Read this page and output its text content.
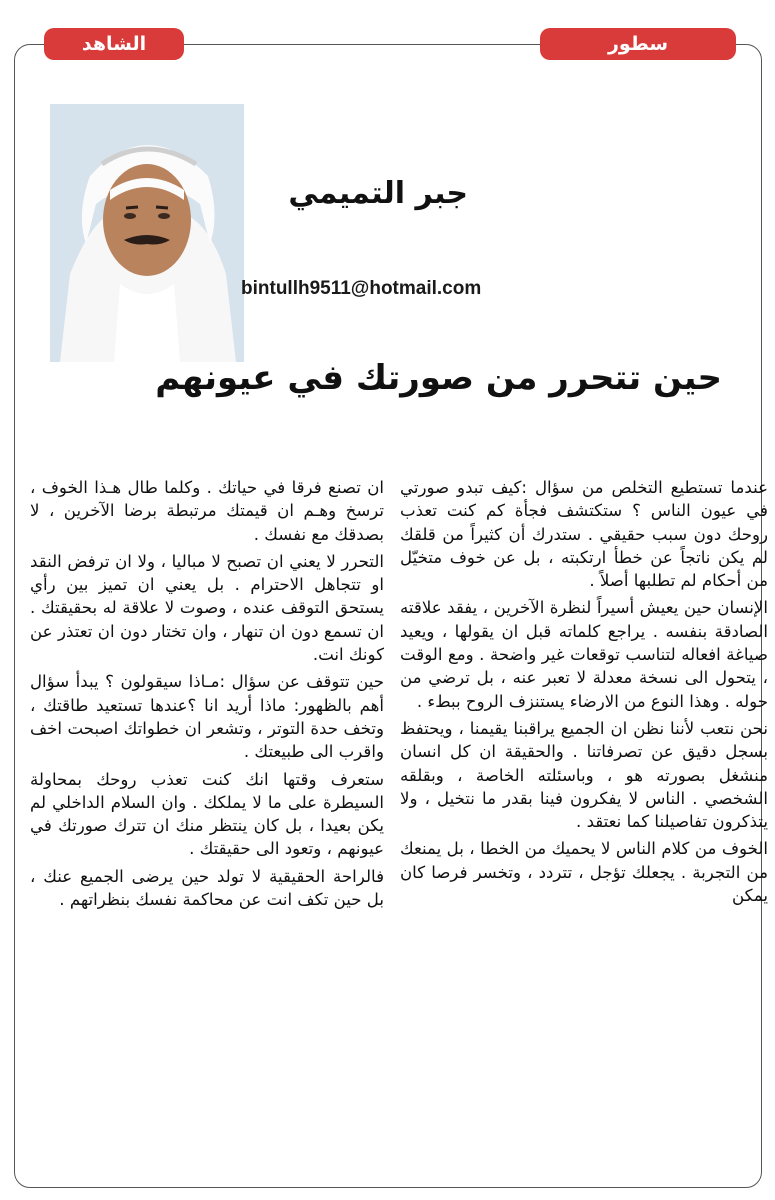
الشاهد	سطور
جبر التميمي
bintullh9511@hotmail.com
حين تتحرر من صورتك في عيونهم

عندما تستطيع التخلص من سؤال :كيف تبدو صورتي في عيون الناس ؟ ستكتشف فجأة كم كنت تعذب روحك دون سبب حقيقي . ستدرك أن كثيراً من قلقك لم يكن ناتجاً عن خطأ ارتكبته ، بل عن خوف متخيّل من أحكام لم تطلبها أصلاً .

الإنسان حين يعيش أسيراً لنظرة الآخرين ، يفقد علاقته الصادقة بنفسه . يراجع كلماته قبل ان يقولها ، ويعيد صياغة افعاله لتناسب توقعات غير واضحة . ومع الوقت ، يتحول الى نسخة معدلة لا تعبر عنه ، بل ترضي من حوله . وهذا النوع من الارضاء يستنزف الروح ببطء .

نحن نتعب لأننا نظن ان الجميع يراقبنا يقيمنا ، ويحتفظ بسجل دقيق عن تصرفاتنا . والحقيقة ان كل انسان منشغل بصورته هو ، وباسئلته الخاصة ، وبقلقه الشخصي . الناس لا يفكرون فينا بقدر ما نتخيل ، ولا يتذكرون تفاصيلنا كما نعتقد .

الخوف من كلام الناس لا يحميك من الخطا ، بل يمنعك من التجربة . يجعلك تؤجل ، تتردد ، وتخسر فرصا كان يمكن

ان تصنع فرقا في حياتك . وكلما طال هـذا الخوف ، ترسخ وهـم ان قيمتك مرتبطة برضا الآخرين ، لا بصدقك مع نفسك .

التحرر لا يعني ان تصبح لا مباليا ، ولا ان ترفض النقد او تتجاهل الاحترام . بل يعني ان تميز بين رأي يستحق التوقف عنده ، وصوت لا علاقة له بحقيقتك . ان تسمع دون ان تنهار ، وان تختار دون ان تعتذر عن كونك انت.

حين تتوقف عن سؤال :مـاذا سيقولون ؟ يبدأ سؤال أهم بالظهور: ماذا أريد انا ؟عندها تستعيد طاقتك ، وتخف حدة التوتر ، وتشعر ان خطواتك اصبحت اخف واقرب الى طبيعتك .

ستعرف وقتها انك كنت تعذب روحك بمحاولة السيطرة على ما لا يملكك . وان السلام الداخلي لم يكن بعيدا ، بل كان ينتظر منك ان تترك صورتك في عيونهم ، وتعود الى حقيقتك .

فالراحة الحقيقية لا تولد حين يرضى الجميع عنك ، بل حين تكف انت عن محاكمة نفسك بنظراتهم .
